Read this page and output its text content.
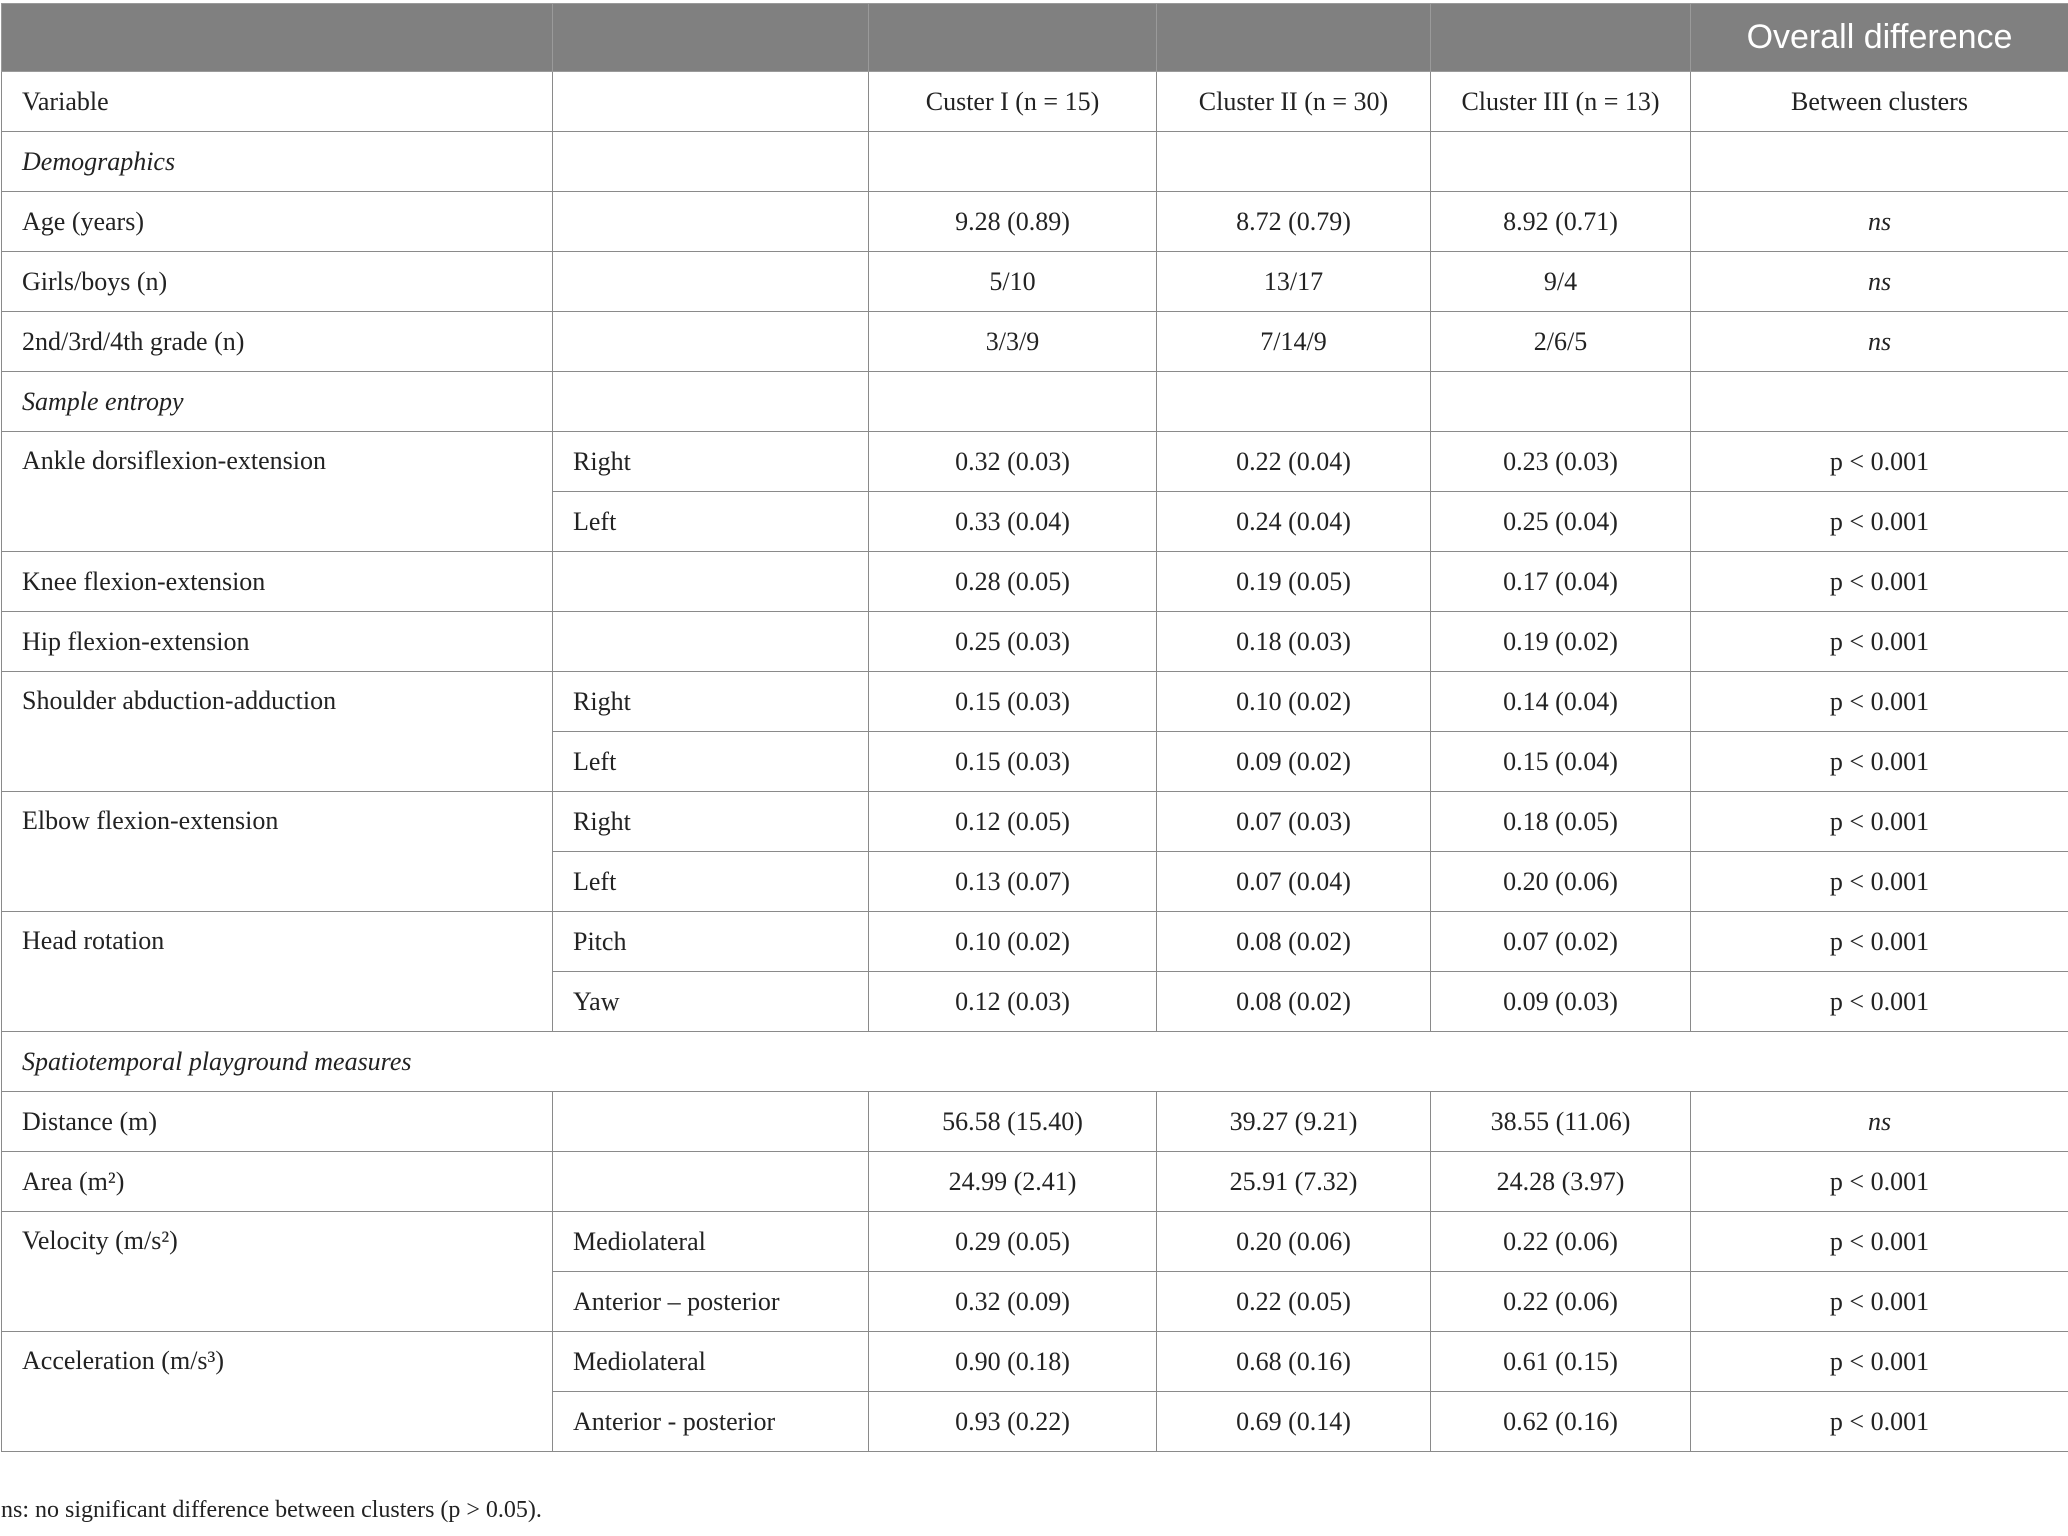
					Overall difference
Variable		Custer I (n = 15)	Cluster II (n = 30)	Cluster III (n = 13)	Between clusters
Demographics					
Age (years)		9.28 (0.89)	8.72 (0.79)	8.92 (0.71)	ns
Girls/boys (n)		5/10	13/17	9/4	ns
2nd/3rd/4th grade (n)		3/3/9	7/14/9	2/6/5	ns
Sample entropy					
Ankle dorsiflexion-extension	Right	0.32 (0.03)	0.22 (0.04)	0.23 (0.03)	p < 0.001
	Left	0.33 (0.04)	0.24 (0.04)	0.25 (0.04)	p < 0.001
Knee flexion-extension		0.28 (0.05)	0.19 (0.05)	0.17 (0.04)	p < 0.001
Hip flexion-extension		0.25 (0.03)	0.18 (0.03)	0.19 (0.02)	p < 0.001
Shoulder abduction-adduction	Right	0.15 (0.03)	0.10 (0.02)	0.14 (0.04)	p < 0.001
	Left	0.15 (0.03)	0.09 (0.02)	0.15 (0.04)	p < 0.001
Elbow flexion-extension	Right	0.12 (0.05)	0.07 (0.03)	0.18 (0.05)	p < 0.001
	Left	0.13 (0.07)	0.07 (0.04)	0.20 (0.06)	p < 0.001
Head rotation	Pitch	0.10 (0.02)	0.08 (0.02)	0.07 (0.02)	p < 0.001
	Yaw	0.12 (0.03)	0.08 (0.02)	0.09 (0.03)	p < 0.001
Spatiotemporal playground measures					
Distance (m)		56.58 (15.40)	39.27 (9.21)	38.55 (11.06)	ns
Area (m²)		24.99 (2.41)	25.91 (7.32)	24.28 (3.97)	p < 0.001
Velocity (m/s²)	Mediolateral	0.29 (0.05)	0.20 (0.06)	0.22 (0.06)	p < 0.001
	Anterior – posterior	0.32 (0.09)	0.22 (0.05)	0.22 (0.06)	p < 0.001
Acceleration (m/s³)	Mediolateral	0.90 (0.18)	0.68 (0.16)	0.61 (0.15)	p < 0.001
	Anterior - posterior	0.93 (0.22)	0.69 (0.14)	0.62 (0.16)	p < 0.001
ns: no significant difference between clusters (p > 0.05).
